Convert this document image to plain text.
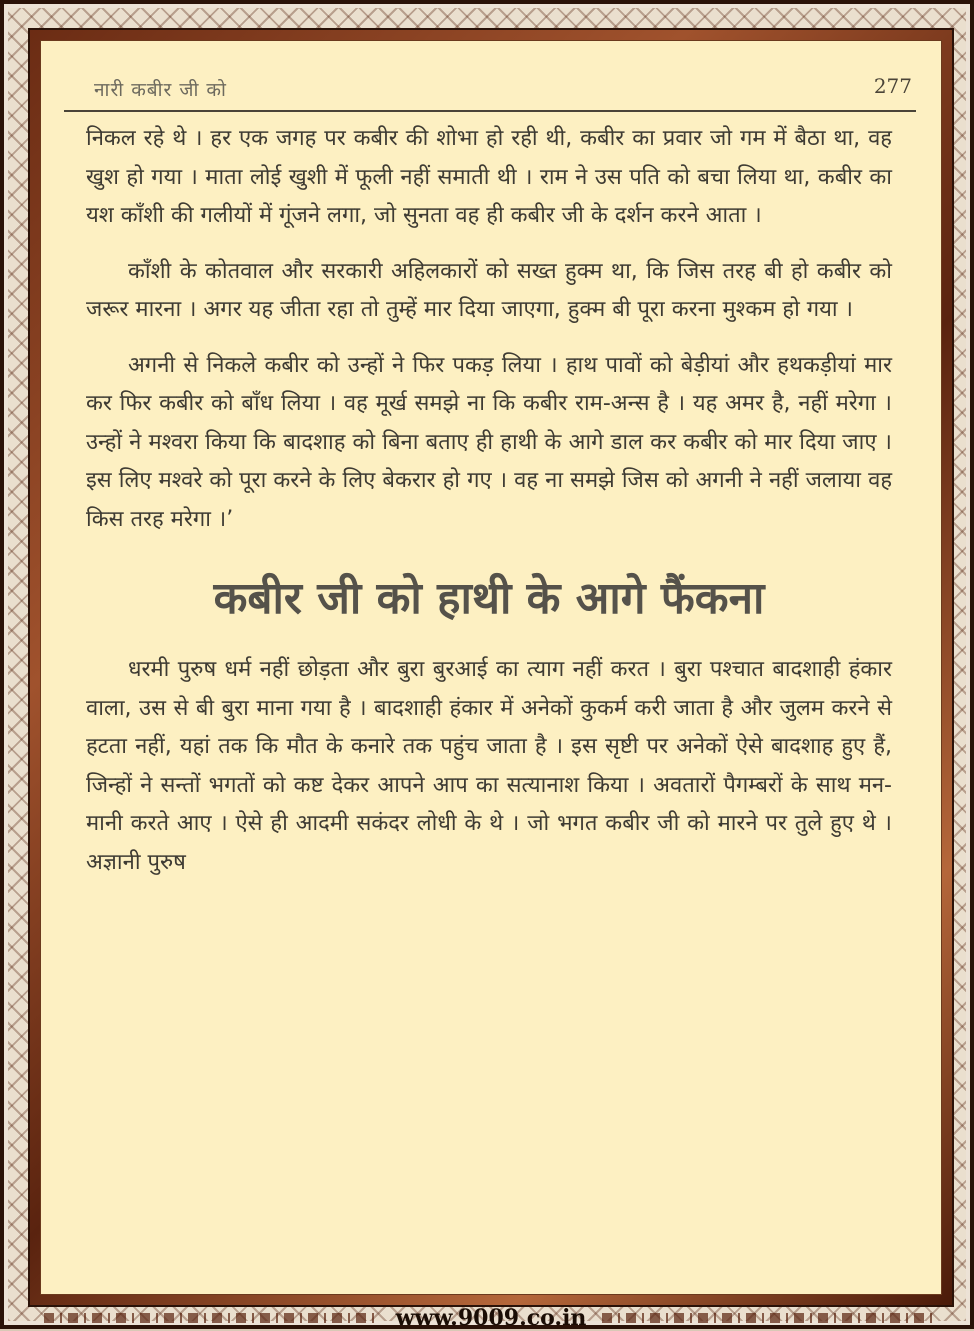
नारी कबीर जी को	277

निकल रहे थे । हर एक जगह पर कबीर की शोभा हो रही थी, कबीर का प्रवार जो गम में बैठा था, वह खुश हो गया । माता लोई खुशी में फूली नहीं समाती थी । राम ने उस पति को बचा लिया था, कबीर का यश काँशी की गलीयों में गूंजने लगा, जो सुनता वह ही कबीर जी के दर्शन करने आता ।

काँशी के कोतवाल और सरकारी अहिलकारों को सख्त हुक्म था, कि जिस तरह बी हो कबीर को जरूर मारना । अगर यह जीता रहा तो तुम्हें मार दिया जाएगा, हुक्म बी पूरा करना मुश्कम हो गया ।

अगनी से निकले कबीर को उन्हों ने फिर पकड़ लिया । हाथ पावों को बेड़ीयां और हथकड़ीयां मार कर फिर कबीर को बाँध लिया । वह मूर्ख समझे ना कि कबीर राम-अन्स है । यह अमर है, नहीं मरेगा । उन्हों ने मश्वरा किया कि बादशाह को बिना बताए ही हाथी के आगे डाल कर कबीर को मार दिया जाए । इस लिए मश्वरे को पूरा करने के लिए बेकरार हो गए । वह ना समझे जिस को अगनी ने नहीं जलाया वह किस तरह मरेगा ।’

कबीर जी को हाथी के आगे फैंकना

धरमी पुरुष धर्म नहीं छोड़ता और बुरा बुरआई का त्याग नहीं करत । बुरा पश्चात बादशाही हंकार वाला, उस से बी बुरा माना गया है । बादशाही हंकार में अनेकों कुकर्म करी जाता है और जुलम करने से हटता नहीं, यहां तक कि मौत के कनारे तक पहुंच जाता है । इस सृष्टी पर अनेकों ऐसे बादशाह हुए हैं, जिन्हों ने सन्तों भगतों को कष्ट देकर आपने आप का सत्यानाश किया । अवतारों पैगम्बरों के साथ मन-मानी करते आए । ऐसे ही आदमी सकंदर लोधी के थे । जो भगत कबीर जी को मारने पर तुले हुए थे । अज्ञानी पुरुष

www.9009.co.in
